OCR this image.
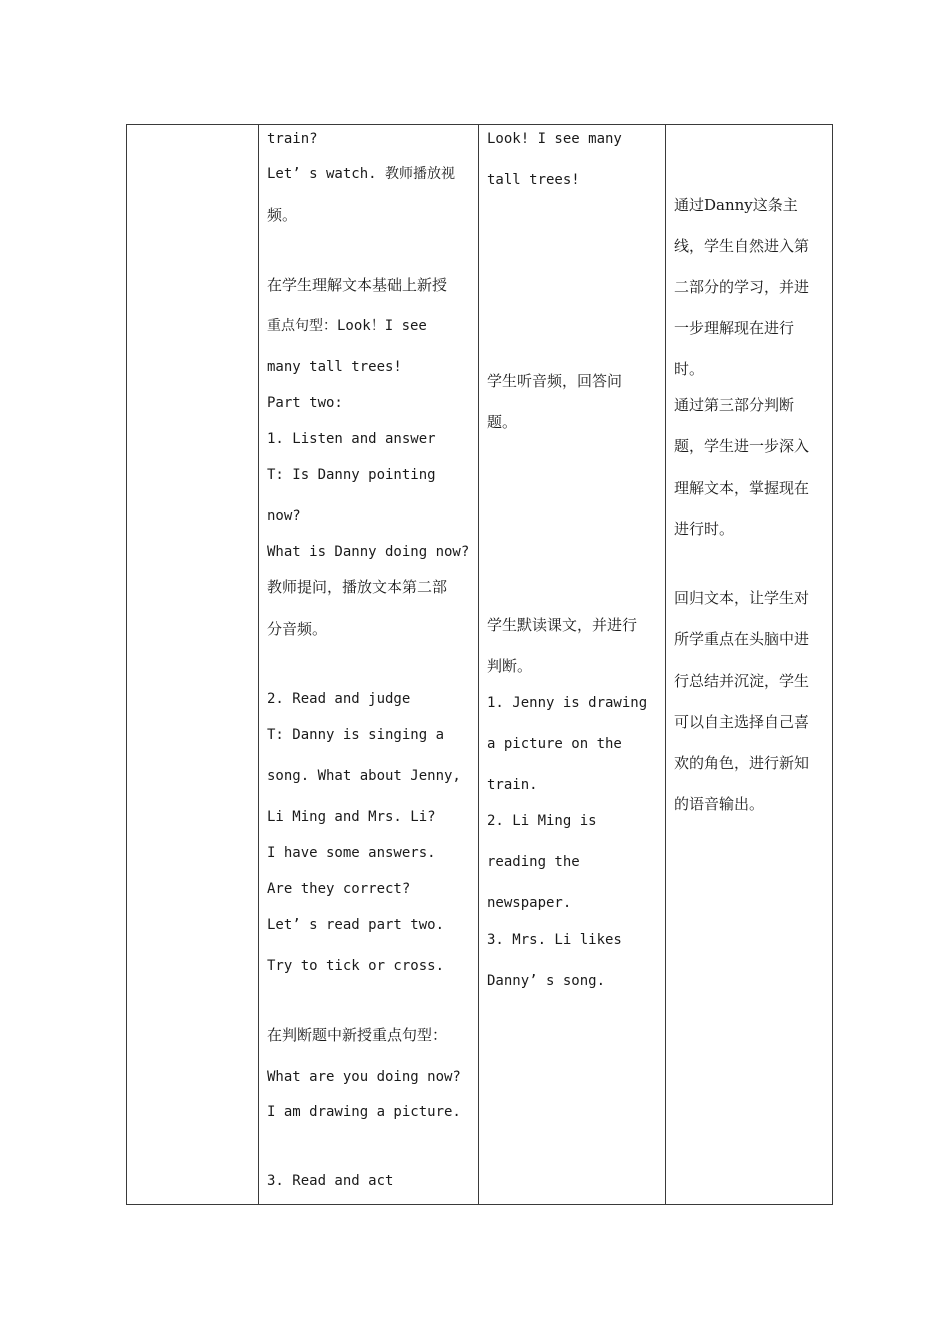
train?
Let’ s watch. 教师播放视
频。
在学生理解文本基础上新授
重点句型：Look！I see
many tall trees!
Part two:
1. Listen and answer
T: Is Danny pointing
now?
What is Danny doing now?
教师提问，播放文本第二部
分音频。
2. Read and judge
T: Danny is singing a
song. What about Jenny,
Li Ming and Mrs. Li?
I have some answers.
Are they correct?
Let’ s read part two.
Try to tick or cross.
在判断题中新授重点句型：
What are you doing now?
I am drawing a picture.
3. Read and act
Look! I see many
tall trees!
学生听音频，回答问
题。
学生默读课文，并进行
判断。
1. Jenny is drawing
a picture on the
train.
2. Li Ming is
reading the
newspaper.
3. Mrs. Li likes
Danny’ s song.
通过Danny这条主
线，学生自然进入第
二部分的学习，并进
一步理解现在进行
时。
通过第三部分判断
题，学生进一步深入
理解文本，掌握现在
进行时。
回归文本，让学生对
所学重点在头脑中进
行总结并沉淀，学生
可以自主选择自己喜
欢的角色，进行新知
的语音输出。
